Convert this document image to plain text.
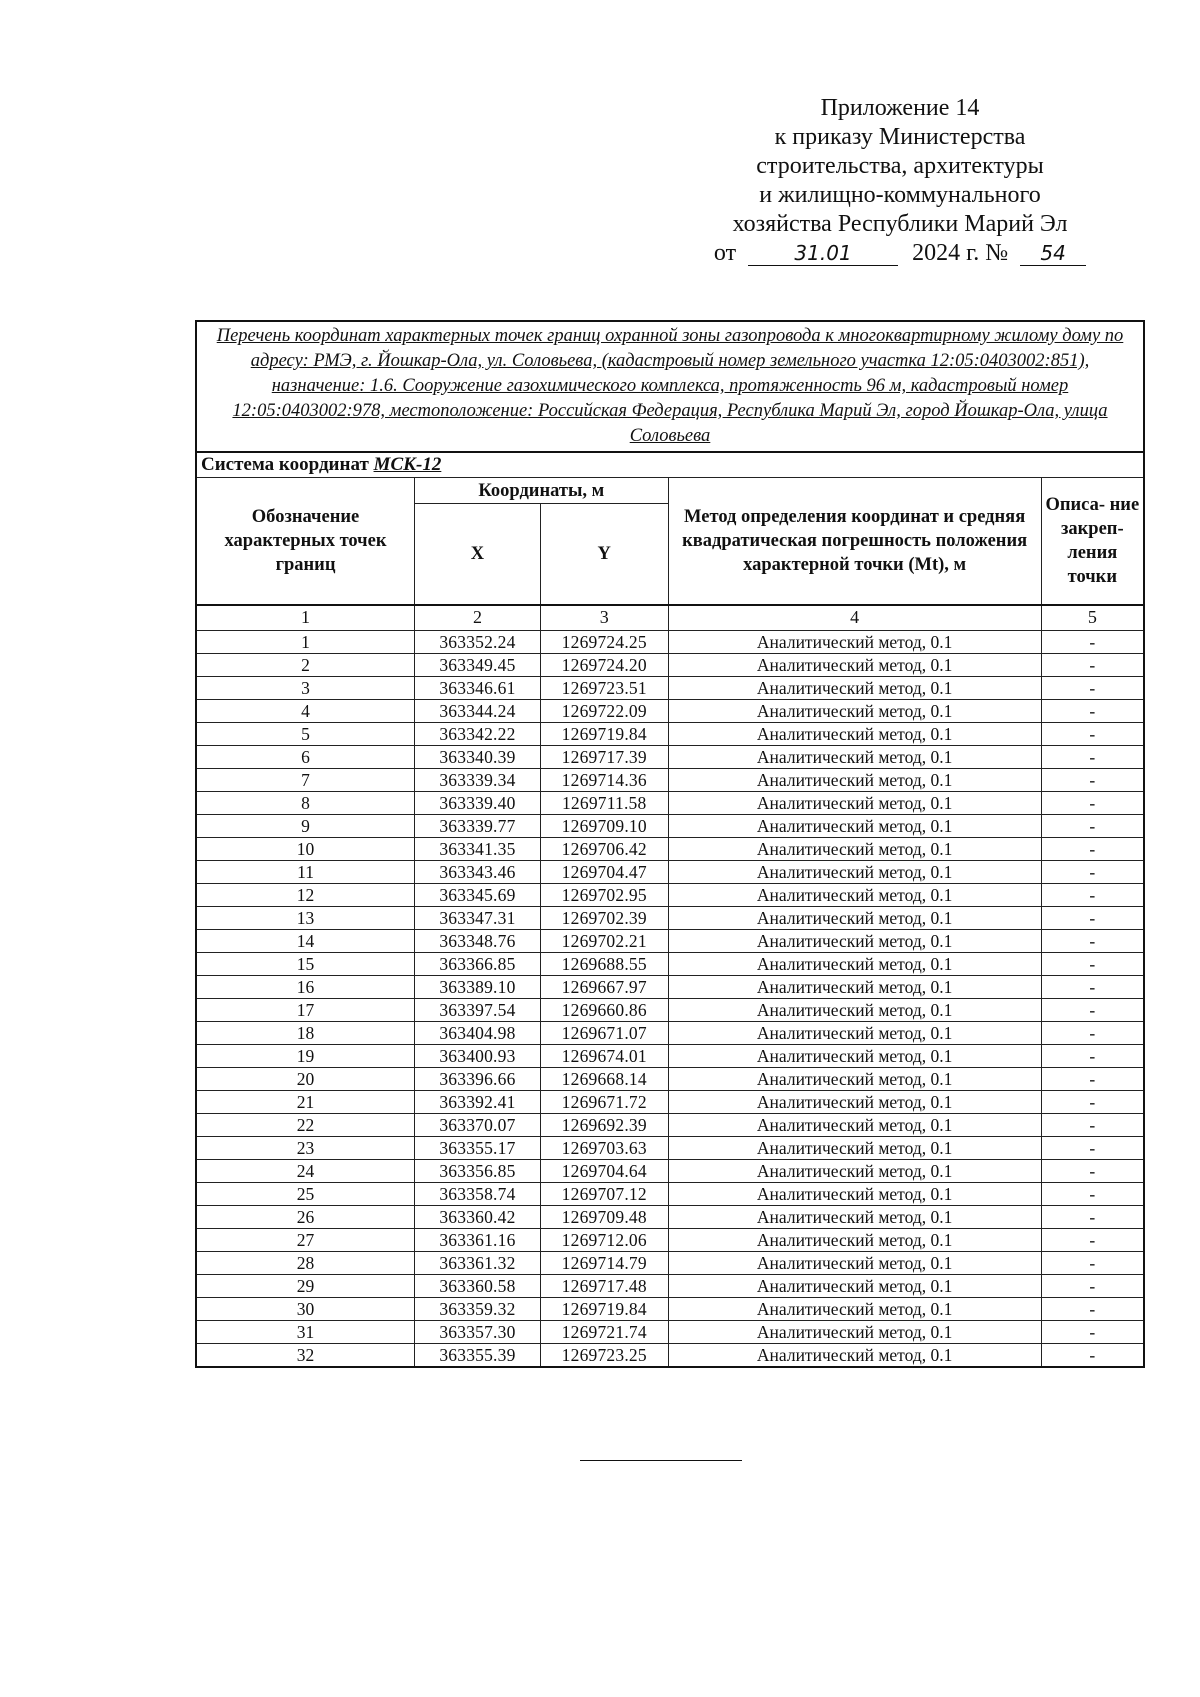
Приложение 14
к приказу Министерства
строительства, архитектуры
и жилищно-коммунального
хозяйства Республики Марий Эл
от	31.01	2024 г. № 54
Перечень координат характерных точек границ охранной зоны газопровода к многоквартирному жилому дому по адресу: РМЭ, г. Йошкар-Ола, ул. Соловьева, (кадастровый номер земельного участка 12:05:0403002:851), назначение: 1.6. Сооружение газохимического комплекса, протяженность 96 м, кадастровый номер 12:05:0403002:978, местоположение: Российская Федерация, Республика Марий Эл, город Йошкар-Ола, улица Соловьева				
Система координат МСК-12				
Обозначение характерных точек границ	Координаты, м		Метод определения координат и средняя квадратическая погрешность положения характерной точки (Mt), м	Описа- ние закреп- ления точки
	X	Y		
1	2	3	4	5
1	363352.24	1269724.25	Аналитический метод, 0.1	-
2	363349.45	1269724.20	Аналитический метод, 0.1	-
3	363346.61	1269723.51	Аналитический метод, 0.1	-
4	363344.24	1269722.09	Аналитический метод, 0.1	-
5	363342.22	1269719.84	Аналитический метод, 0.1	-
6	363340.39	1269717.39	Аналитический метод, 0.1	-
7	363339.34	1269714.36	Аналитический метод, 0.1	-
8	363339.40	1269711.58	Аналитический метод, 0.1	-
9	363339.77	1269709.10	Аналитический метод, 0.1	-
10	363341.35	1269706.42	Аналитический метод, 0.1	-
11	363343.46	1269704.47	Аналитический метод, 0.1	-
12	363345.69	1269702.95	Аналитический метод, 0.1	-
13	363347.31	1269702.39	Аналитический метод, 0.1	-
14	363348.76	1269702.21	Аналитический метод, 0.1	-
15	363366.85	1269688.55	Аналитический метод, 0.1	-
16	363389.10	1269667.97	Аналитический метод, 0.1	-
17	363397.54	1269660.86	Аналитический метод, 0.1	-
18	363404.98	1269671.07	Аналитический метод, 0.1	-
19	363400.93	1269674.01	Аналитический метод, 0.1	-
20	363396.66	1269668.14	Аналитический метод, 0.1	-
21	363392.41	1269671.72	Аналитический метод, 0.1	-
22	363370.07	1269692.39	Аналитический метод, 0.1	-
23	363355.17	1269703.63	Аналитический метод, 0.1	-
24	363356.85	1269704.64	Аналитический метод, 0.1	-
25	363358.74	1269707.12	Аналитический метод, 0.1	-
26	363360.42	1269709.48	Аналитический метод, 0.1	-
27	363361.16	1269712.06	Аналитический метод, 0.1	-
28	363361.32	1269714.79	Аналитический метод, 0.1	-
29	363360.58	1269717.48	Аналитический метод, 0.1	-
30	363359.32	1269719.84	Аналитический метод, 0.1	-
31	363357.30	1269721.74	Аналитический метод, 0.1	-
32	363355.39	1269723.25	Аналитический метод, 0.1	-
